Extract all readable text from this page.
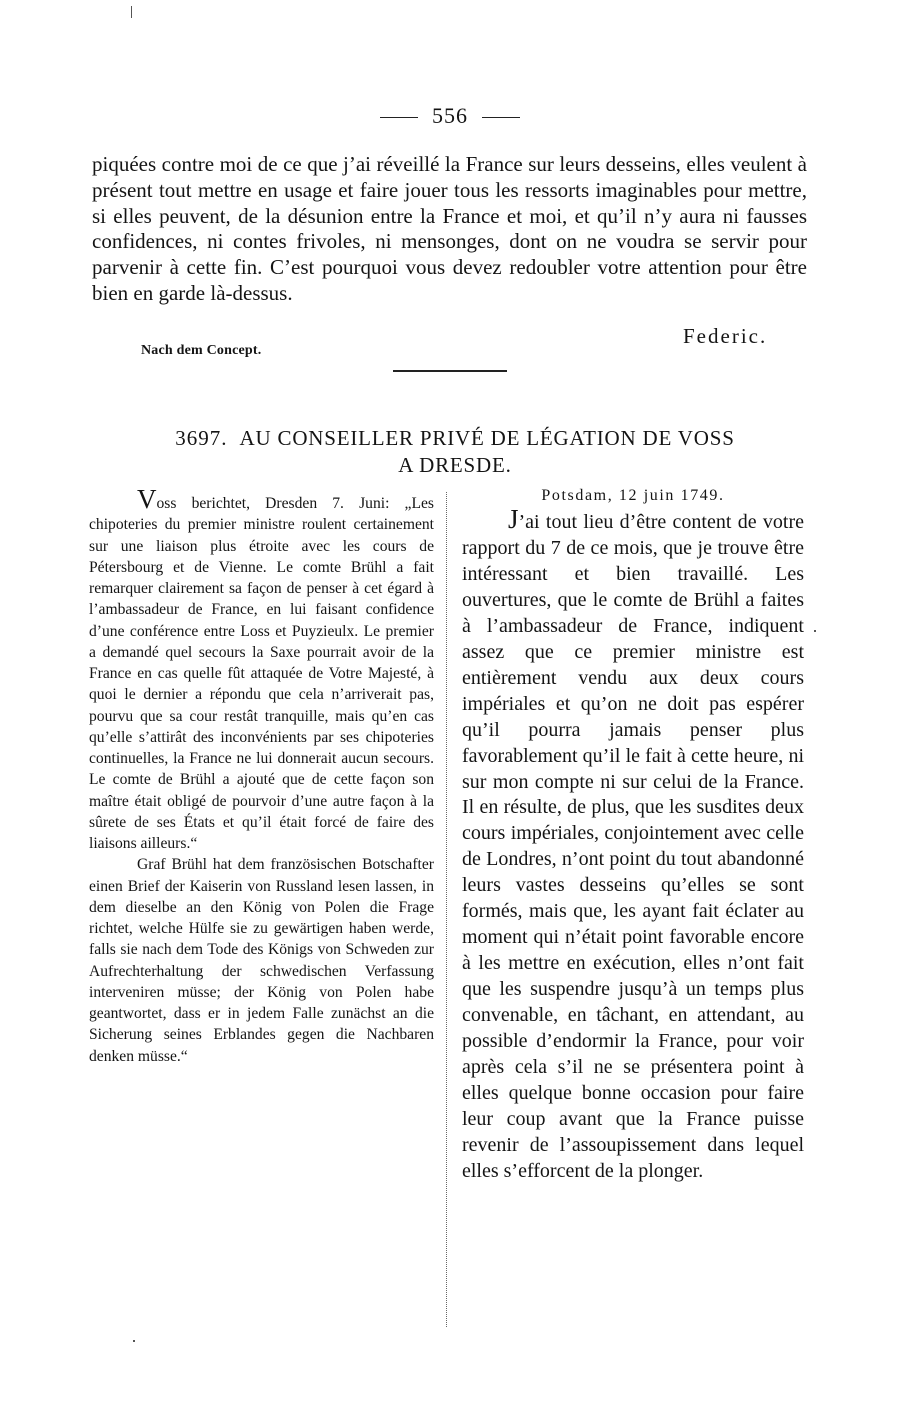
556

piquées contre moi de ce que j’ai réveillé la France sur leurs desseins, elles veulent à présent tout mettre en usage et faire jouer tous les ressorts imaginables pour mettre, si elles peuvent, de la désunion entre la France et moi, et qu’il n’y aura ni fausses confidences, ni contes frivoles, ni mensonges, dont on ne voudra se servir pour parvenir à cette fin. C’est pourquoi vous devez redoubler votre attention pour être bien en garde là-dessus.

Federic.
Nach dem Concept.
3697. AU CONSEILLER PRIVÉ DE LÉGATION DE VOSS
A DRESDE.

Voss berichtet, Dresden 7. Juni: „Les chipoteries du premier ministre roulent certainement sur une liaison plus étroite avec les cours de Pétersbourg et de Vienne. Le comte Brühl a fait remarquer clairement sa façon de penser à cet égard à l’ambassadeur de France, en lui faisant confidence d’une conférence entre Loss et Puyzieulx. Le premier a demandé quel secours la Saxe pourrait avoir de la France en cas quelle fût attaquée de Votre Majesté, à quoi le dernier a répondu que cela n’arriverait pas, pourvu que sa cour restât tranquille, mais qu’en cas qu’elle s’attirât des inconvénients par ses chipoteries continuelles, la France ne lui donnerait aucun secours. Le comte de Brühl a ajouté que de cette façon son maître était obligé de pourvoir d’une autre façon à la sûrete de ses États et qu’il était forcé de faire des liaisons ailleurs.“

Graf Brühl hat dem französischen Botschafter einen Brief der Kaiserin von Russland lesen lassen, in dem dieselbe an den König von Polen die Frage richtet, welche Hülfe sie zu gewärtigen haben werde, falls sie nach dem Tode des Königs von Schweden zur Aufrechterhaltung der schwedischen Verfassung interveniren müsse; der König von Polen habe geantwortet, dass er in jedem Falle zunächst an die Sicherung seines Erblandes gegen die Nachbaren denken müsse.“

Potsdam, 12 juin 1749.

J’ai tout lieu d’être content de votre rapport du 7 de ce mois, que je trouve être intéressant et bien travaillé. Les ouvertures, que le comte de Brühl a faites à l’ambassadeur de France, indiquent assez que ce premier ministre est entièrement vendu aux deux cours impériales et qu’on ne doit pas espérer qu’il pourra jamais penser plus favorablement qu’il le fait à cette heure, ni sur mon compte ni sur celui de la France. Il en résulte, de plus, que les susdites deux cours impériales, conjointement avec celle de Londres, n’ont point du tout abandonné leurs vastes desseins qu’elles se sont formés, mais que, les ayant fait éclater au moment qui n’était point favorable encore à les mettre en exécution, elles n’ont fait que les suspendre jusqu’à un temps plus convenable, en tâchant, en attendant, au possible d’endormir la France, pour voir après cela s’il ne se présentera point à elles quelque bonne occasion pour faire leur coup avant que la France puisse revenir de l’assoupissement dans lequel elles s’efforcent de la plonger.
